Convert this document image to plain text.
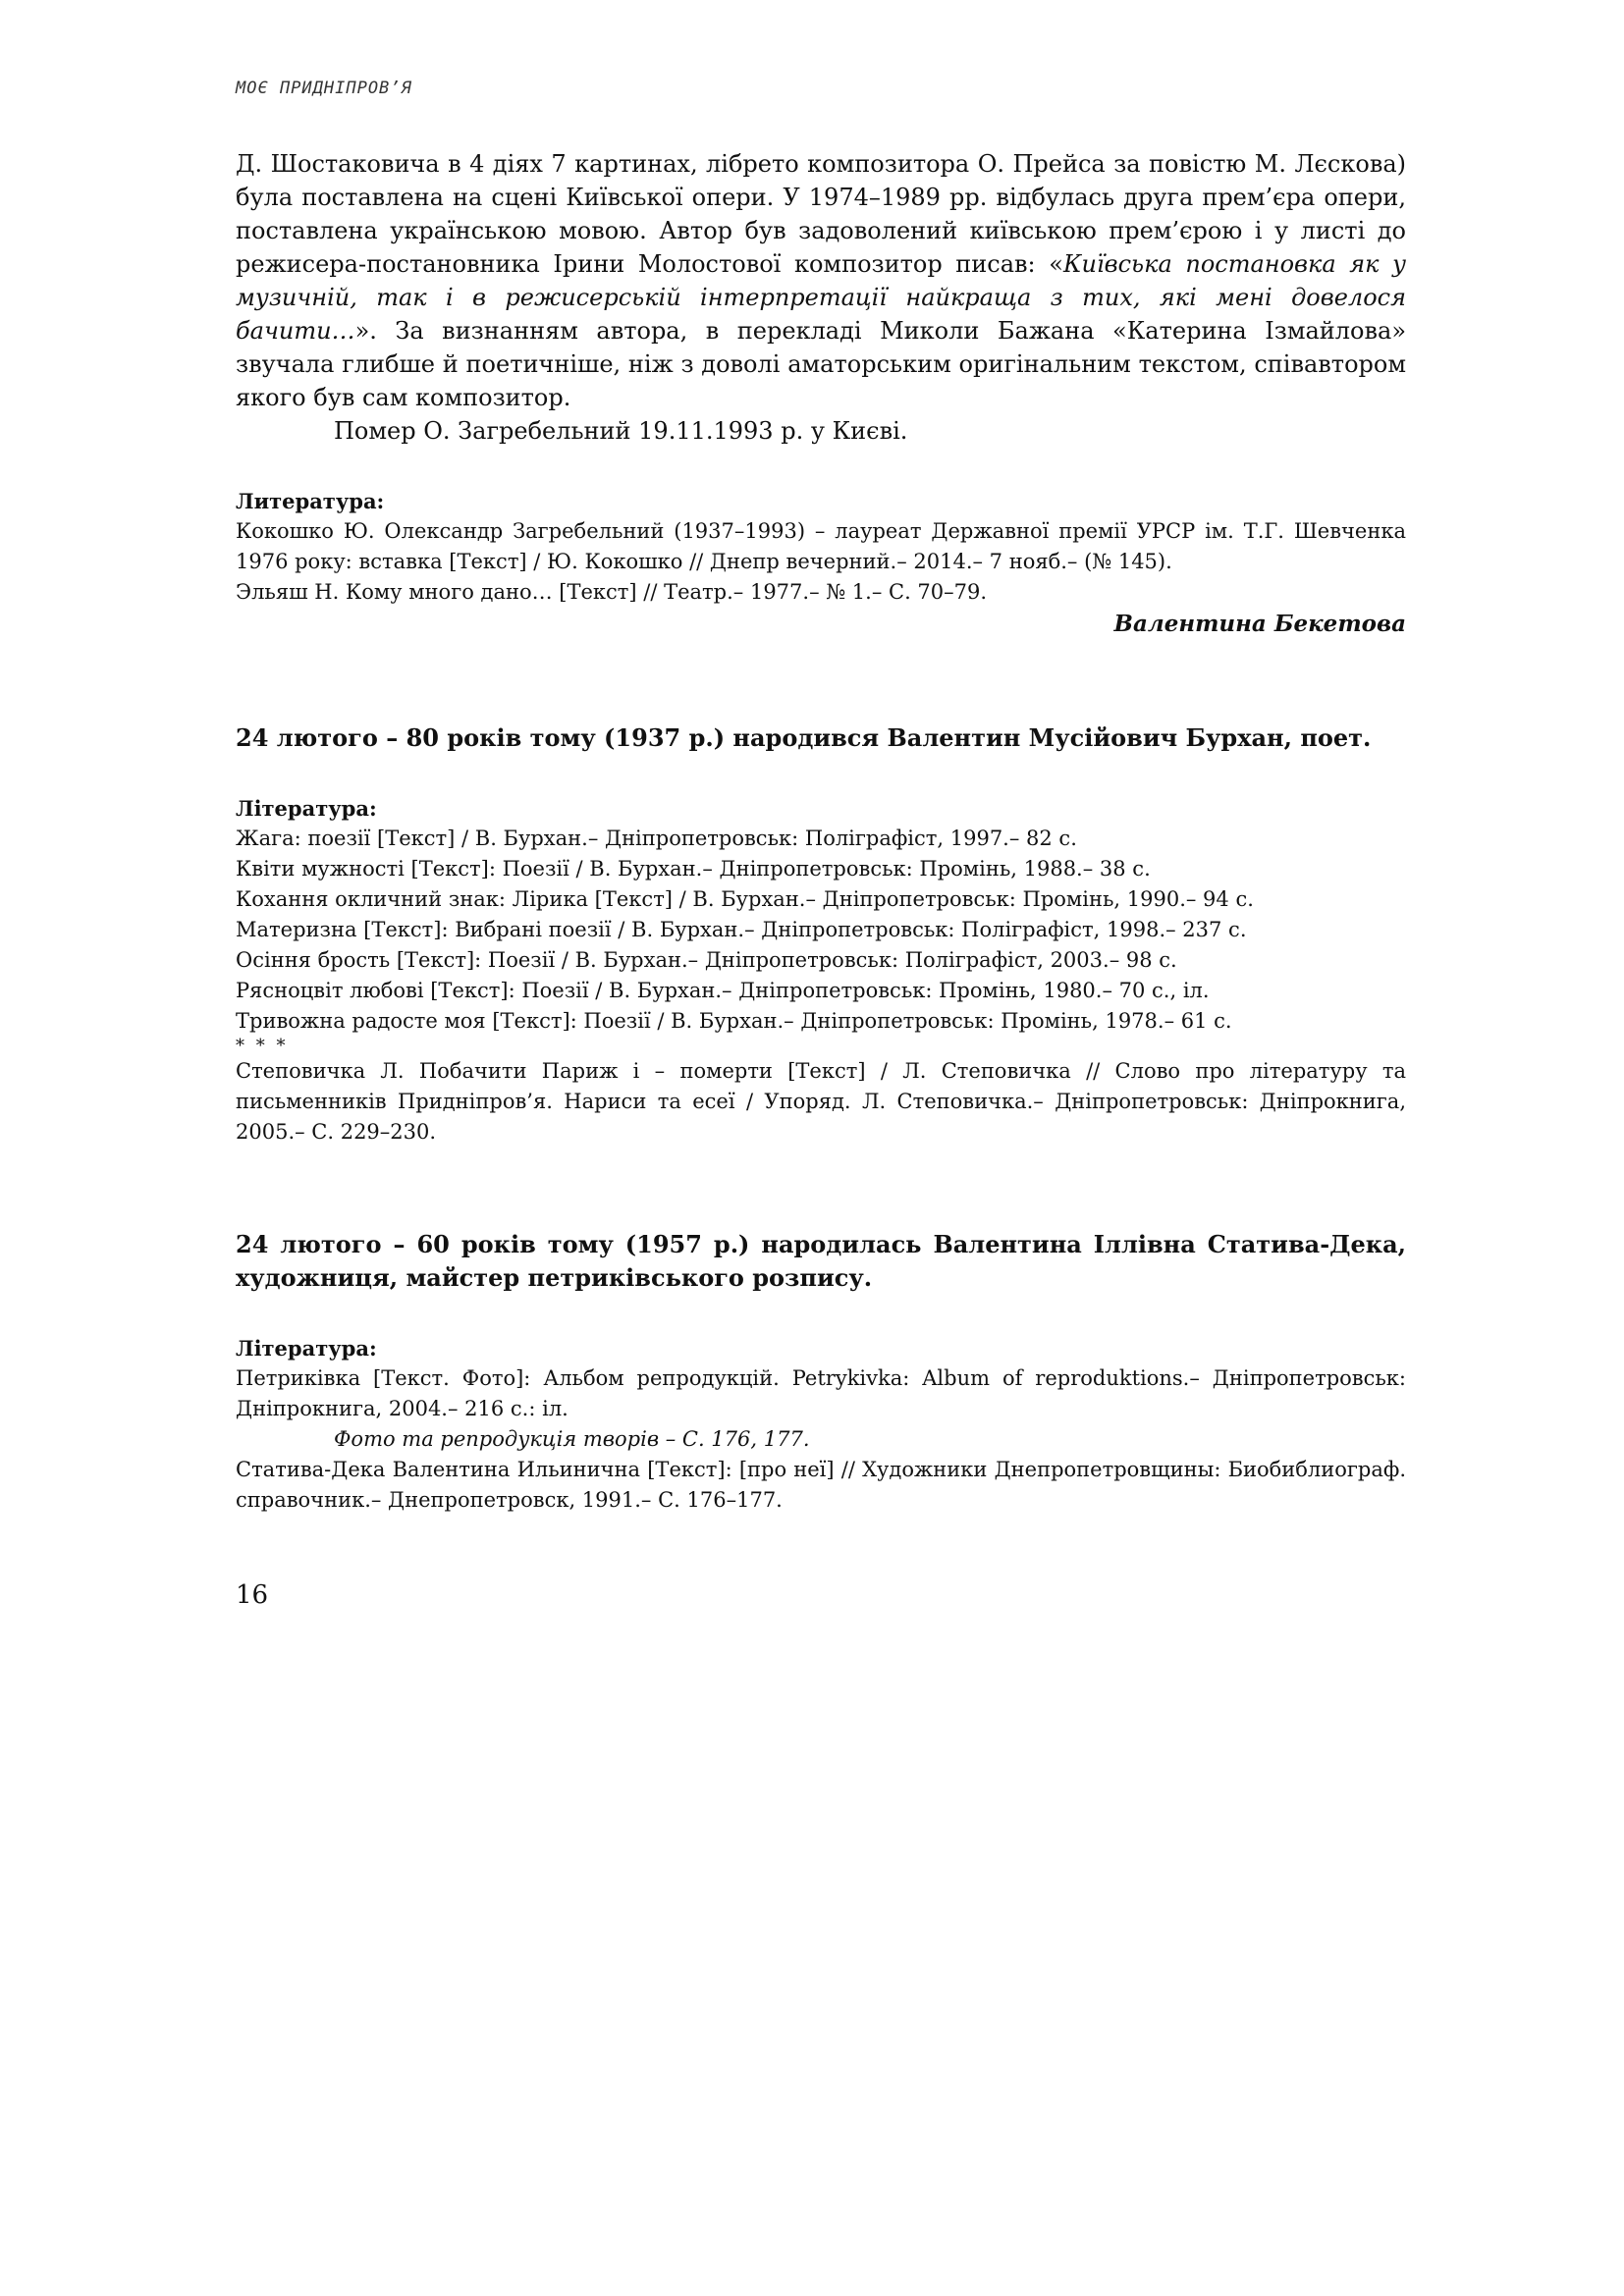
МОЄ ПРИДНІПРОВ’Я

Д. Шостаковича в 4 діях 7 картинах, лібрето композитора О. Прейса за повістю М. Лєскова) була поставлена на сцені Київської опери. У 1974–1989 рр. відбулась друга прем’єра опери, поставлена українською мовою. Автор був задоволений київською прем’єрою і у листі до режисера-постановника Ірини Молостової композитор писав: «Київська постановка як у музичній, так і в режисерській інтерпретації найкраща з тих, які мені довелося бачити…». За визнанням автора, в перекладі Миколи Бажана «Катерина Ізмайлова» звучала глибше й поетичніше, ніж з доволі аматорським оригінальним текстом, співавтором якого був сам композитор.

Помер О. Загребельний 19.11.1993 р. у Києві.

Литература:

Кокошко Ю. Олександр Загребельний (1937–1993) – лауреат Державної премії УРСР ім. Т.Г. Шевченка 1976 року: вставка [Текст] / Ю. Кокошко // Днепр вечерний.– 2014.– 7 нояб.– (№ 145).

Эльяш Н. Кому много дано… [Текст] // Театр.– 1977.– № 1.– С. 70–79.

Валентина Бекетова

24 лютого – 80 років тому (1937 р.) народився Валентин Мусійович Бурхан, поет.

Література:

Жага: поезії [Текст] / В. Бурхан.– Дніпропетровськ: Поліграфіст, 1997.– 82 с.

Квіти мужності [Текст]: Поезії / В. Бурхан.– Дніпропетровськ: Промінь, 1988.– 38 с.

Кохання окличний знак: Лірика [Текст] / В. Бурхан.– Дніпропетровськ: Промінь, 1990.– 94 с.

Материзна [Текст]: Вибрані поезії / В. Бурхан.– Дніпропетровськ: Поліграфіст, 1998.– 237 с.

Осіння брость [Текст]: Поезії / В. Бурхан.– Дніпропетровськ: Поліграфіст, 2003.– 98 с.

Рясноцвіт любові [Текст]: Поезії / В. Бурхан.– Дніпропетровськ: Промінь, 1980.– 70 с., іл.

Тривожна радосте моя [Текст]: Поезії / В. Бурхан.– Дніпропетровськ: Промінь, 1978.– 61 с.

* * *

Степовичка Л. Побачити Париж і – померти [Текст] / Л. Степовичка // Слово про літературу та письменників Придніпров’я. Нариси та есеї / Упоряд. Л. Степовичка.– Дніпропетровськ: Дніпрокнига, 2005.– С. 229–230.

24 лютого – 60 років тому (1957 р.) народилась Валентина Іллівна Статива-Дека, художниця, майстер петриківського розпису.

Література:

Петриківка [Текст. Фото]: Альбом репродукцій. Petrykivka: Album of reproduktions.– Дніпропетровськ: Дніпрокнига, 2004.– 216 с.: іл.

Фото та репродукція творів – С. 176, 177.

Статива-Дека Валентина Ильинична [Текст]: [про неї] // Художники Днепропетровщины: Биобиблиограф. справочник.– Днепропетровск, 1991.– С. 176–177.

16
